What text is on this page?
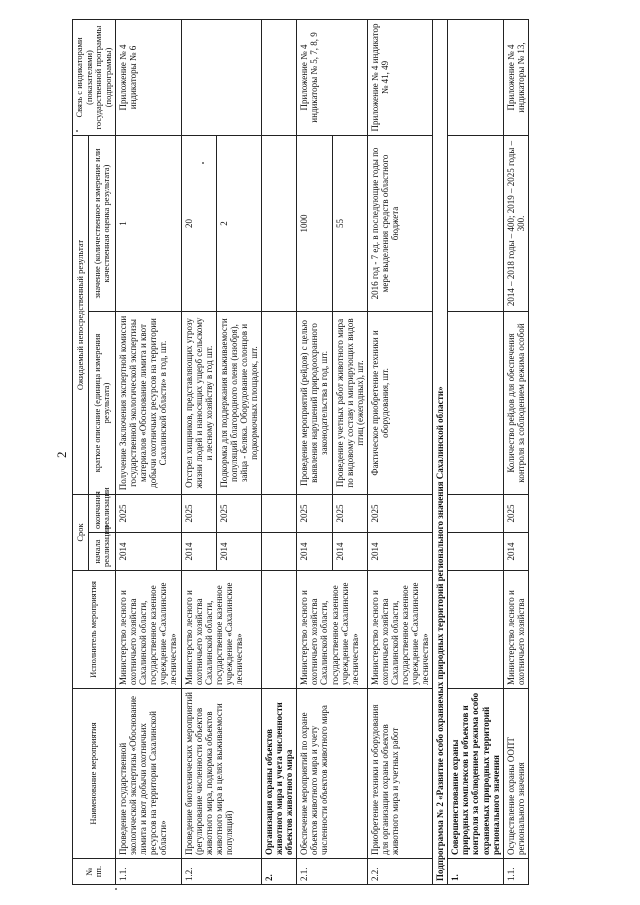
2
№ пп.	Наименование мероприятия	Исполнитель мероприятия	Срок		Ожидаемый непосредственный результат		Связь с индикаторами (показателями) государственной программы (подпрограммы)
			начала реализации	окончания реализации	краткое описание (единица измерения результата)	значение (количественное измерение или качественная оценка результата)	
1.1.	Проведение государственной экологической экспертизы «Обоснование лимита и квот добычи охотничьих ресурсов на территории Сахалинской области»	Министерство лесного и охотничьего хозяйства Сахалинской области, государственное казенное учреждение «Сахалинские лесничества»	2014	2025	Получение Заключения экспертной комиссии государственной экологической экспертизы материалов «Обоснование лимита и квот добычи охотничьих ресурсов на территории Сахалинской области» в год, шт.	1	Приложение № 4 индикаторы № 6
1.2.	Проведение биотехнических мероприятий (регулирование численности объектов животного мира, подкормка объектов животного мира в целях выживаемости популяций)	Министерство лесного и охотничьего хозяйства Сахалинской области, государственное казенное учреждение «Сахалинские лесничества»	2014	2025	Отстрел хищников, представляющих угрозу жизни людей и наносящих ущерб сельскому и лесному хозяйству в год шт.	20	
			2014	2025	Подкормка для поддержания выживаемости популяций благородного оленя (изюбря), зайца - беляка. Оборудование солонцов и подкормочных площадок, шт.	2	
2.	Организация охраны объектов животного мира и учета численности объектов животного мира						
2.1.	Обеспечение мероприятий по охране объектов животного мира и учету численности объектов животного мира	Министерство лесного и охотничьего хозяйства Сахалинской области, государственное казенное учреждение «Сахалинские лесничества»	2014	2025	Проведение мероприятий (рейдов) с целью выявления нарушений природоохранного законодательства в год, шт.	1000	Приложение № 4 индикаторы № 5, 7, 8, 9
			2014	2025	Проведение учетных работ животного мира по видовому составу и мигрирующих видов птиц (ежегодных), шт.	55	
2.2.	Приобретение техники и оборудования для организации охраны объектов животного мира и учетных работ	Министерство лесного и охотничьего хозяйства Сахалинской области, государственное казенное учреждение «Сахалинские лесничества»	2014	2025	Фактическое приобретение техники и оборудования, шт.	2016 год - 7 ед. в последующие годы по мере выделения средств областного бюджета	Приложение № 4 индикатор № 41, 49
Подпрограмма № 2 «Развитие особо охраняемых природных территорий регионального значения Сахалинской области»							
1.	Совершенствование охраны природных комплексов и объектов и контроля за соблюдением режима особо охраняемых природных территорий регионального значения						
1.1.	Осуществление охраны ООПТ регионального значения	Министерство лесного и охотничьего хозяйства	2014	2025	Количество рейдов для обеспечения контроля за соблюдением режима особой	2014 – 2018 годы – 400; 2019 – 2025 годы – 300.	Приложение № 4 индикаторы № 13,
